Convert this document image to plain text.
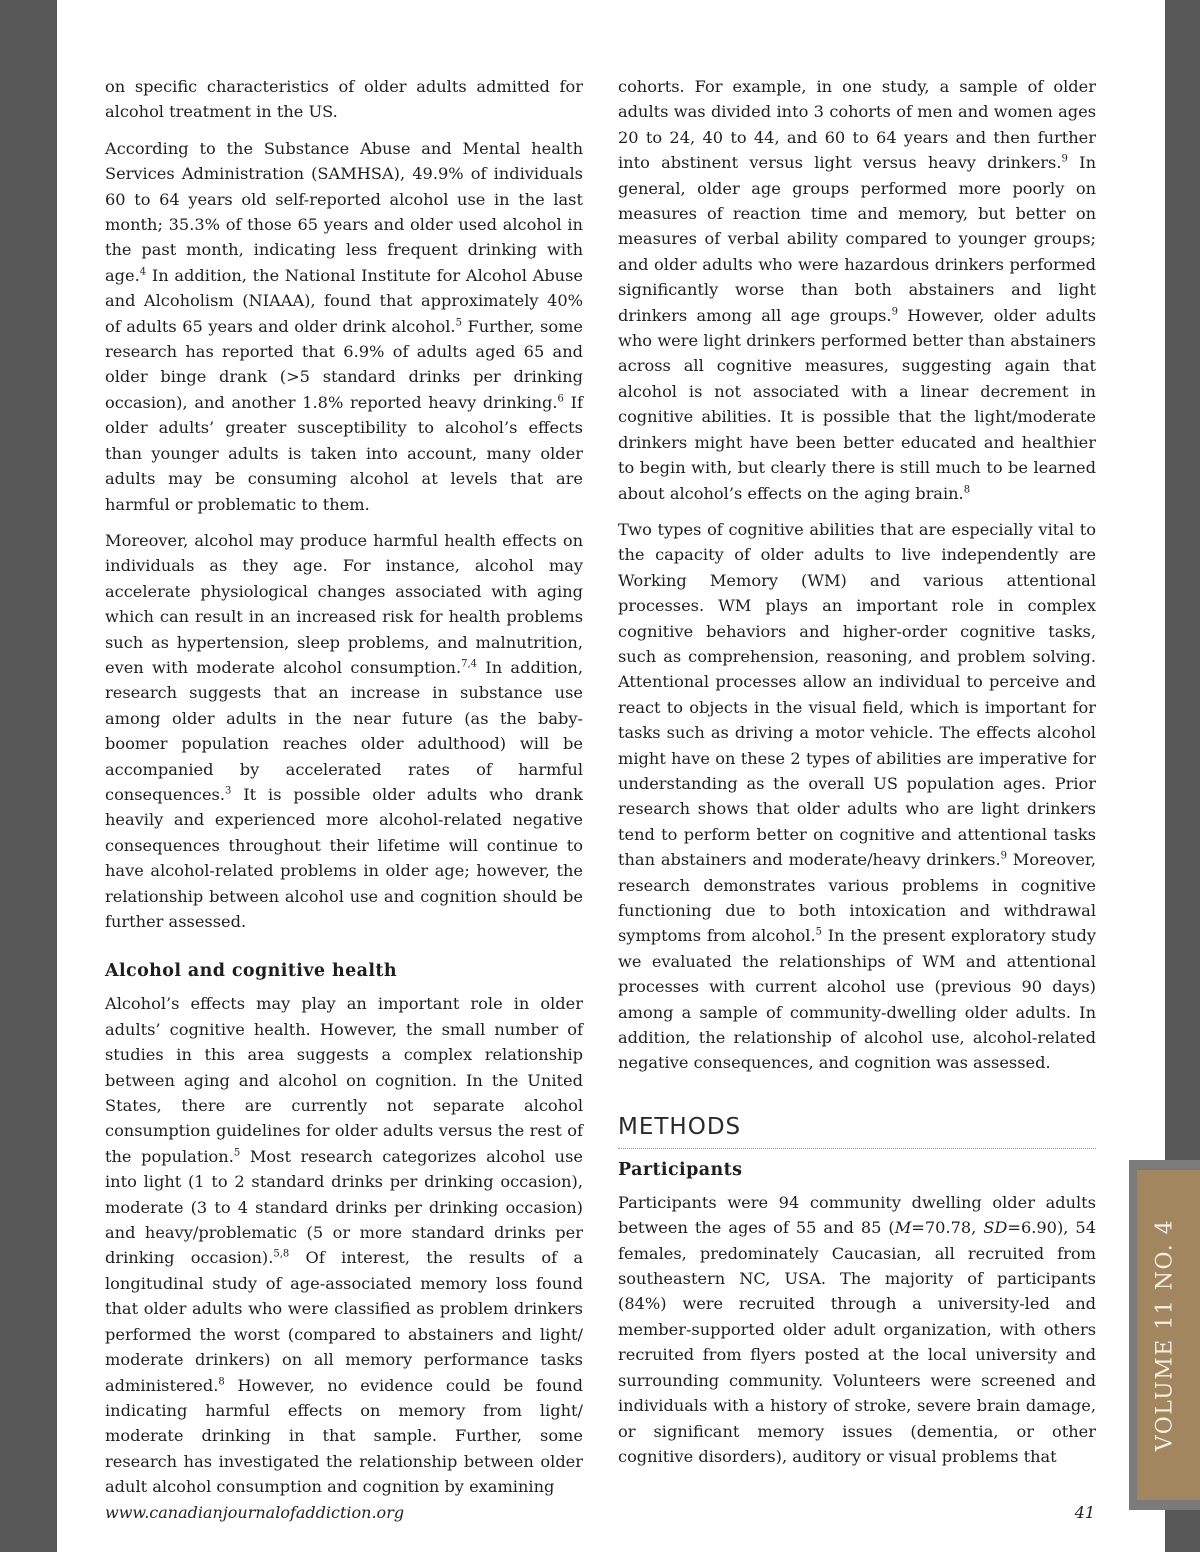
VOLUME 11 NO. 4

on specific characteristics of older adults admitted for alcohol treatment in the US.

According to the Substance Abuse and Mental health Services Administration (SAMHSA), 49.9% of individuals 60 to 64 years old self-reported alcohol use in the last month; 35.3% of those 65 years and older used alcohol in the past month, indicating less frequent drinking with age.$^4$ In addition, the National Institute for Alcohol Abuse and Alcoholism (NIAAA), found that approximately 40% of adults 65 years and older drink alcohol.$^5$ Further, some research has reported that 6.9% of adults aged 65 and older binge drank (>5 standard drinks per drinking occasion), and another 1.8% reported heavy drinking.$^6$ If older adults’ greater susceptibility to alcohol’s effects than younger adults is taken into account, many older adults may be consuming alcohol at levels that are harmful or problematic to them.

Moreover, alcohol may produce harmful health effects on individuals as they age. For instance, alcohol may accelerate physiological changes associated with aging which can result in an increased risk for health problems such as hypertension, sleep problems, and malnutrition, even with moderate alcohol consumption.$^{7,4}$ In addition, research suggests that an increase in substance use among older adults in the near future (as the baby-boomer population reaches older adulthood) will be accompanied by accelerated rates of harmful consequences.$^3$ It is possible older adults who drank heavily and experienced more alcohol-related negative consequences throughout their lifetime will continue to have alcohol-related problems in older age; however, the relationship between alcohol use and cognition should be further assessed.

Alcohol and cognitive health

Alcohol’s effects may play an important role in older adults’ cognitive health. However, the small number of studies in this area suggests a complex relationship between aging and alcohol on cognition. In the United States, there are currently not separate alcohol consumption guidelines for older adults versus the rest of the population.$^5$ Most research categorizes alcohol use into light (1 to 2 standard drinks per drinking occasion), moderate (3 to 4 standard drinks per drinking occasion) and heavy/problematic (5 or more standard drinks per drinking occasion).$^{5,8}$ Of interest, the results of a longitudinal study of age-associated memory loss found that older adults who were classified as problem drinkers performed the worst (compared to abstainers and light/ moderate drinkers) on all memory performance tasks administered.$^8$ However, no evidence could be found indicating harmful effects on memory from light/ moderate drinking in that sample. Further, some research has investigated the relationship between older adult alcohol consumption and cognition by examining

cohorts. For example, in one study, a sample of older adults was divided into 3 cohorts of men and women ages 20 to 24, 40 to 44, and 60 to 64 years and then further into abstinent versus light versus heavy drinkers.$^9$ In general, older age groups performed more poorly on measures of reaction time and memory, but better on measures of verbal ability compared to younger groups; and older adults who were hazardous drinkers performed significantly worse than both abstainers and light drinkers among all age groups.$^9$ However, older adults who were light drinkers performed better than abstainers across all cognitive measures, suggesting again that alcohol is not associated with a linear decrement in cognitive abilities. It is possible that the light/moderate drinkers might have been better educated and healthier to begin with, but clearly there is still much to be learned about alcohol’s effects on the aging brain.$^8$

Two types of cognitive abilities that are especially vital to the capacity of older adults to live independently are Working Memory (WM) and various attentional processes. WM plays an important role in complex cognitive behaviors and higher-order cognitive tasks, such as comprehension, reasoning, and problem solving. Attentional processes allow an individual to perceive and react to objects in the visual field, which is important for tasks such as driving a motor vehicle. The effects alcohol might have on these 2 types of abilities are imperative for understanding as the overall US population ages. Prior research shows that older adults who are light drinkers tend to perform better on cognitive and attentional tasks than abstainers and moderate/heavy drinkers.$^9$ Moreover, research demonstrates various problems in cognitive functioning due to both intoxication and withdrawal symptoms from alcohol.$^5$ In the present exploratory study we evaluated the relationships of WM and attentional processes with current alcohol use (previous 90 days) among a sample of community-dwelling older adults. In addition, the relationship of alcohol use, alcohol-related negative consequences, and cognition was assessed.

METHODS
Participants

Participants were 94 community dwelling older adults between the ages of 55 and 85 (M=70.78, SD=6.90), 54 females, predominately Caucasian, all recruited from southeastern NC, USA. The majority of participants (84%) were recruited through a university-led and member-supported older adult organization, with others recruited from flyers posted at the local university and surrounding community. Volunteers were screened and individuals with a history of stroke, severe brain damage, or significant memory issues (dementia, or other cognitive disorders), auditory or visual problems that

www.canadianjournalofaddiction.org	41
